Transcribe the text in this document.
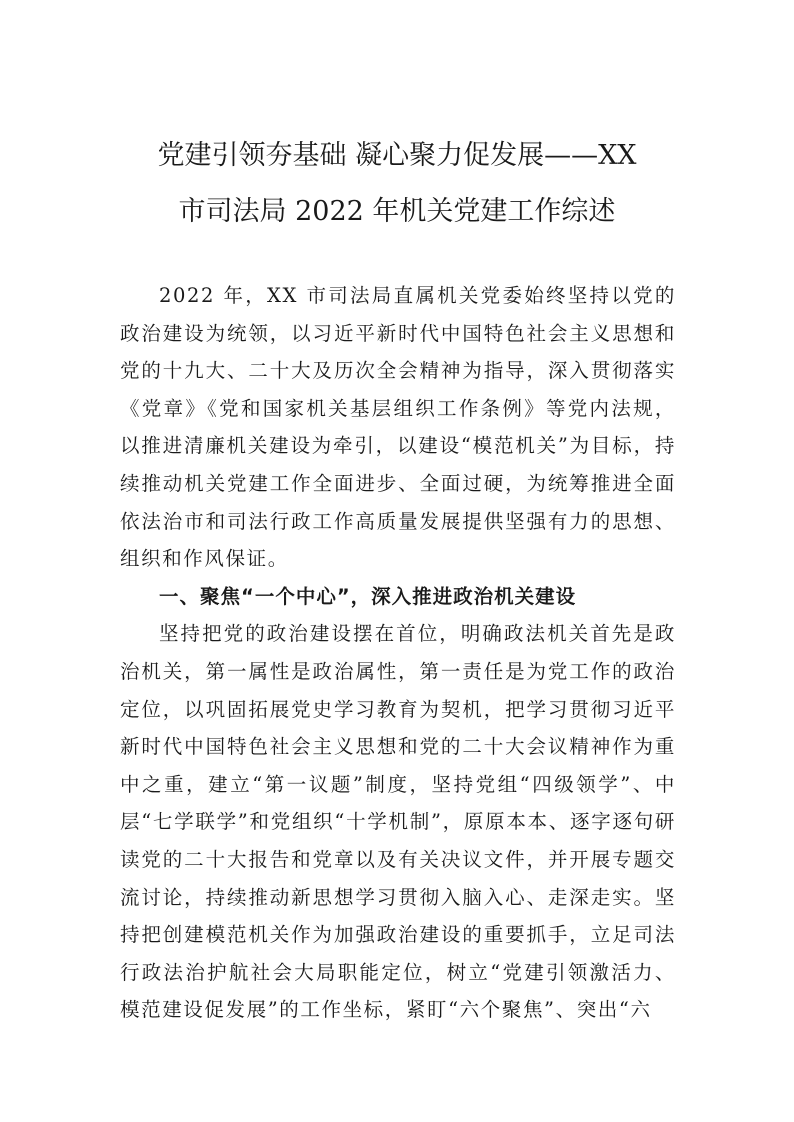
党建引领夯基础 凝心聚力促发展——XX
市司法局 2022 年机关党建工作综述

2022 年，XX 市司法局直属机关党委始终坚持以党的政治建设为统领，以习近平新时代中国特色社会主义思想和党的十九大、二十大及历次全会精神为指导，深入贯彻落实《党章》《党和国家机关基层组织工作条例》等党内法规，以推进清廉机关建设为牵引，以建设“模范机关”为目标，持续推动机关党建工作全面进步、全面过硬，为统筹推进全面依法治市和司法行政工作高质量发展提供坚强有力的思想、组织和作风保证。

一、聚焦“一个中心”，深入推进政治机关建设

坚持把党的政治建设摆在首位，明确政法机关首先是政治机关，第一属性是政治属性，第一责任是为党工作的政治定位，以巩固拓展党史学习教育为契机，把学习贯彻习近平新时代中国特色社会主义思想和党的二十大会议精神作为重中之重，建立“第一议题”制度，坚持党组“四级领学”、中层“七学联学”和党组织“十学机制”，原原本本、逐字逐句研读党的二十大报告和党章以及有关决议文件，并开展专题交流讨论，持续推动新思想学习贯彻入脑入心、走深走实。坚持把创建模范机关作为加强政治建设的重要抓手，立足司法行政法治护航社会大局职能定位，树立“党建引领激活力、模范建设促发展”的工作坐标，紧盯“六个聚焦”、突出“六
